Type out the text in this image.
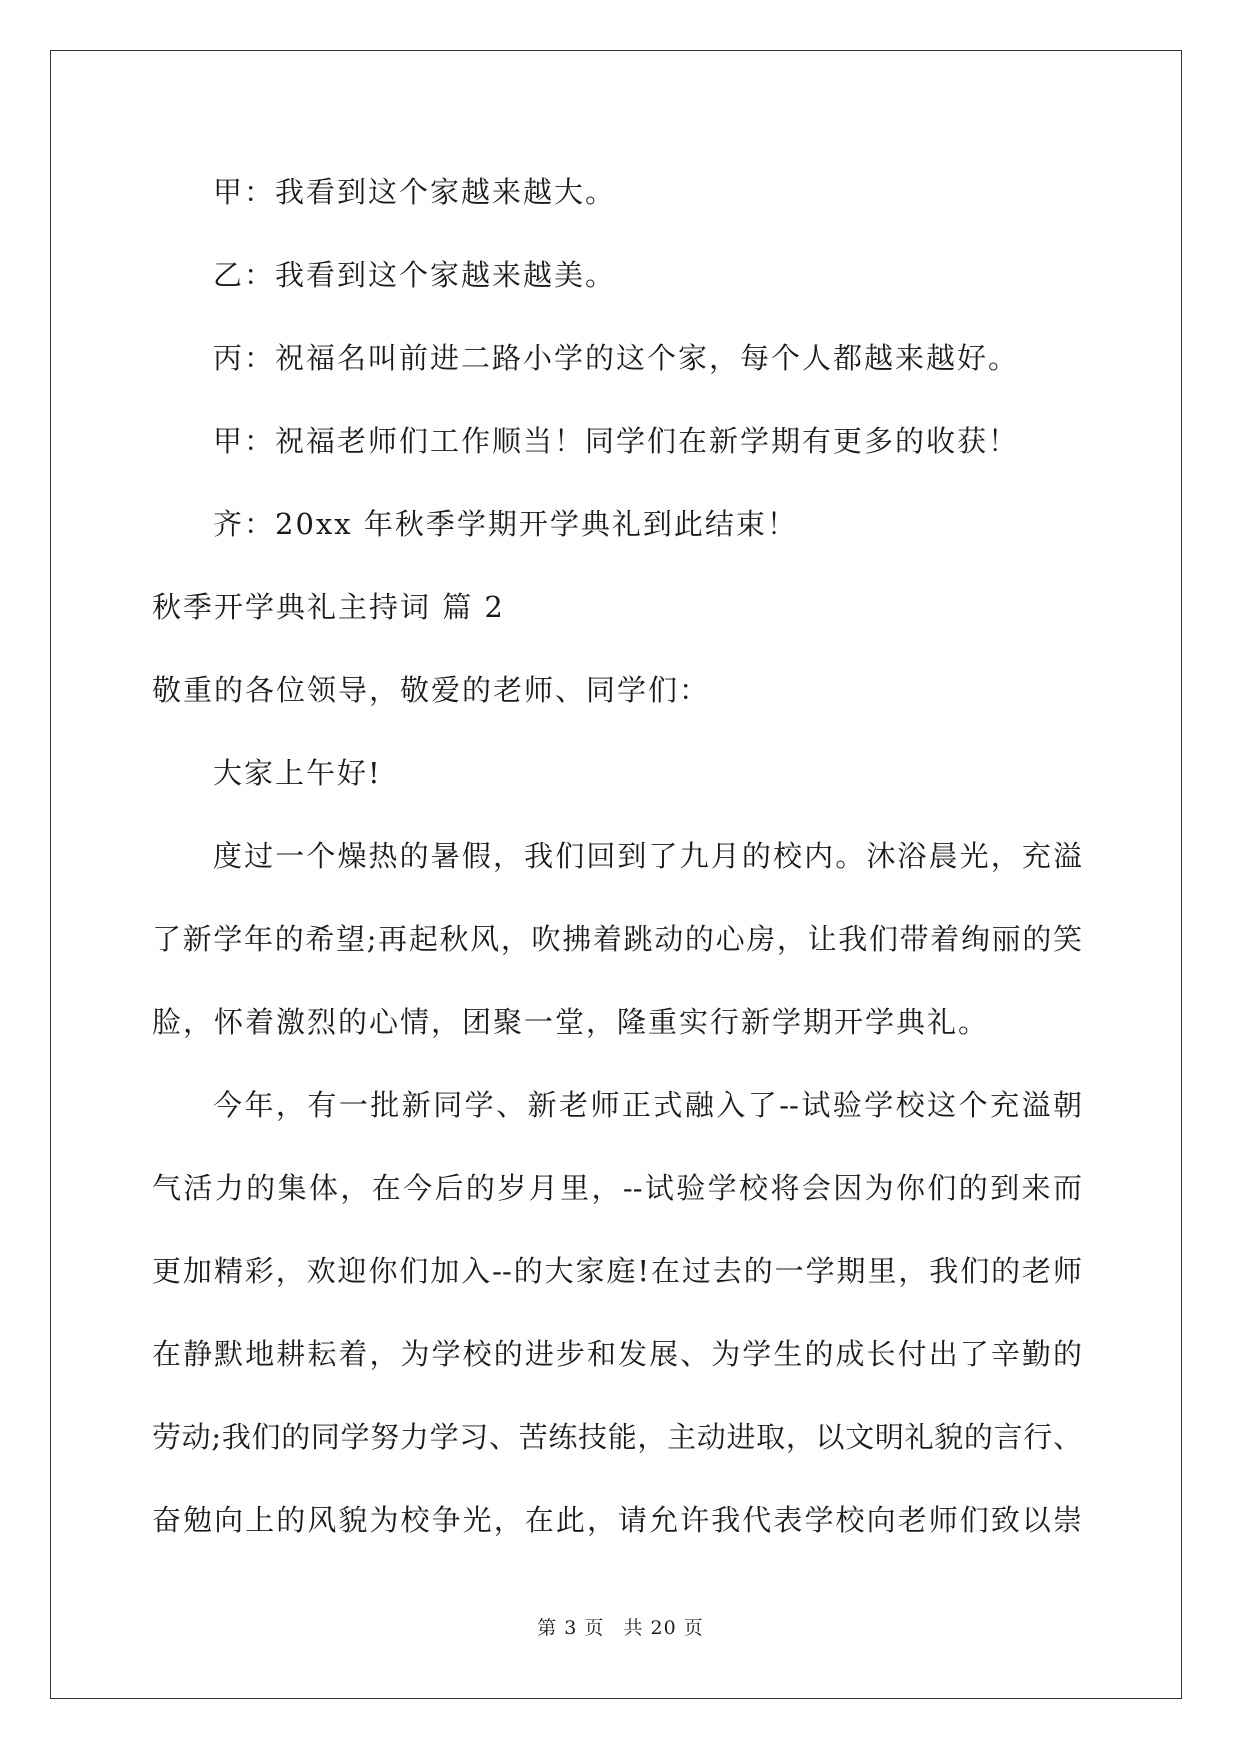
甲：我看到这个家越来越大。
乙：我看到这个家越来越美。
丙：祝福名叫前进二路小学的这个家，每个人都越来越好。
甲：祝福老师们工作顺当！同学们在新学期有更多的收获！
齐：20xx 年秋季学期开学典礼到此结束！
秋季开学典礼主持词 篇 2
敬重的各位领导，敬爱的老师、同学们：
大家上午好!
度过一个燥热的暑假，我们回到了九月的校内。沐浴晨光，充溢
了新学年的希望;再起秋风，吹拂着跳动的心房，让我们带着绚丽的笑
脸，怀着激烈的心情，团聚一堂，隆重实行新学期开学典礼。
今年，有一批新同学、新老师正式融入了--试验学校这个充溢朝
气活力的集体，在今后的岁月里，--试验学校将会因为你们的到来而
更加精彩，欢迎你们加入--的大家庭!在过去的一学期里，我们的老师
在静默地耕耘着，为学校的进步和发展、为学生的成长付出了辛勤的
劳动;我们的同学努力学习、苦练技能，主动进取，以文明礼貌的言行、
奋勉向上的风貌为校争光，在此，请允许我代表学校向老师们致以崇
第 3 页 共 20 页
